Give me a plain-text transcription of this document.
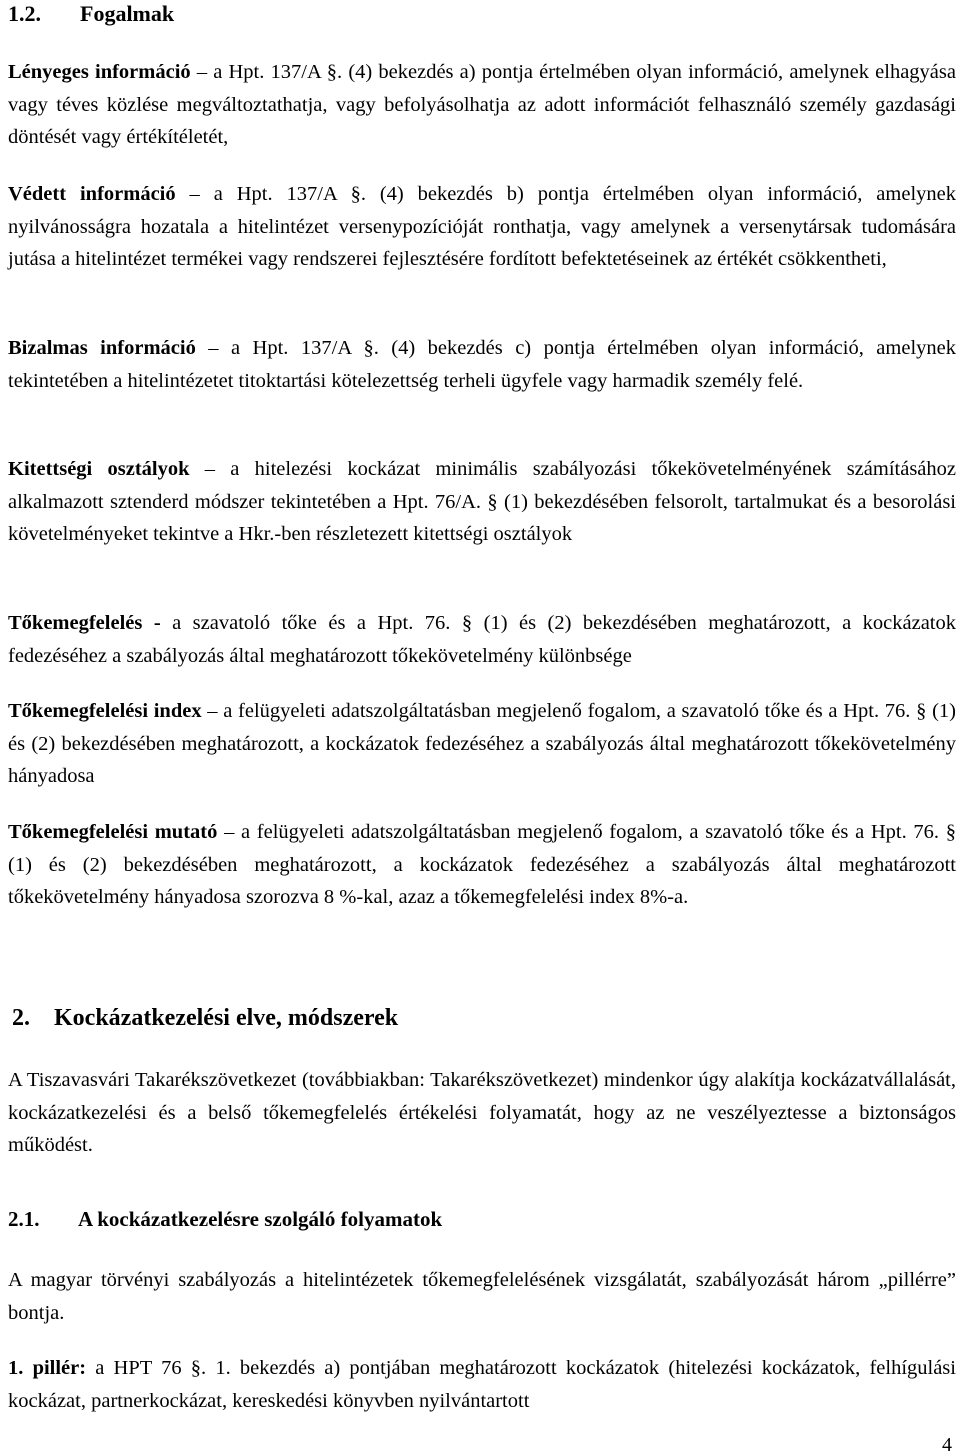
1.2. Fogalmak

Lényeges információ – a Hpt. 137/A §. (4) bekezdés a) pontja értelmében olyan információ, amelynek elhagyása vagy téves közlése megváltoztathatja, vagy befolyásolhatja az adott információt felhasználó személy gazdasági döntését vagy értékítéletét,

Védett információ – a Hpt. 137/A §. (4) bekezdés b) pontja értelmében olyan információ, amelynek nyilvánosságra hozatala a hitelintézet versenypozícióját ronthatja, vagy amelynek a versenytársak tudomására jutása a hitelintézet termékei vagy rendszerei fejlesztésére fordított befektetéseinek az értékét csökkentheti,

Bizalmas információ – a Hpt. 137/A §. (4) bekezdés c) pontja értelmében olyan információ, amelynek tekintetében a hitelintézetet titoktartási kötelezettség terheli ügyfele vagy harmadik személy felé.

Kitettségi osztályok – a hitelezési kockázat minimális szabályozási tőkekövetelményének számításához alkalmazott sztenderd módszer tekintetében a Hpt. 76/A. § (1) bekezdésében felsorolt, tartalmukat és a besorolási követelményeket tekintve a Hkr.-ben részletezett kitettségi osztályok

Tőkemegfelelés - a szavatoló tőke és a Hpt. 76. § (1) és (2) bekezdésében meghatározott, a kockázatok fedezéséhez a szabályozás által meghatározott tőkekövetelmény különbsége

Tőkemegfelelési index – a felügyeleti adatszolgáltatásban megjelenő fogalom, a szavatoló tőke és a Hpt. 76. § (1) és (2) bekezdésében meghatározott, a kockázatok fedezéséhez a szabályozás által meghatározott tőkekövetelmény hányadosa

Tőkemegfelelési mutató – a felügyeleti adatszolgáltatásban megjelenő fogalom, a szavatoló tőke és a Hpt. 76. § (1) és (2) bekezdésében meghatározott, a kockázatok fedezéséhez a szabályozás által meghatározott tőkekövetelmény hányadosa szorozva 8 %-kal, azaz a tőkemegfelelési index 8%-a.

2. Kockázatkezelési elve, módszerek

A Tiszavasvári Takarékszövetkezet (továbbiakban: Takarékszövetkezet) mindenkor úgy alakítja kockázatvállalását, kockázatkezelési és a belső tőkemegfelelés értékelési folyamatát, hogy az ne veszélyeztesse a biztonságos működést.

2.1. A kockázatkezelésre szolgáló folyamatok

A magyar törvényi szabályozás a hitelintézetek tőkemegfelelésének vizsgálatát, szabályozását három „pillérre” bontja.

1. pillér: a HPT 76 §. 1. bekezdés a) pontjában meghatározott kockázatok (hitelezési kockázatok, felhígulási kockázat, partnerkockázat, kereskedési könyvben nyilvántartott

4
